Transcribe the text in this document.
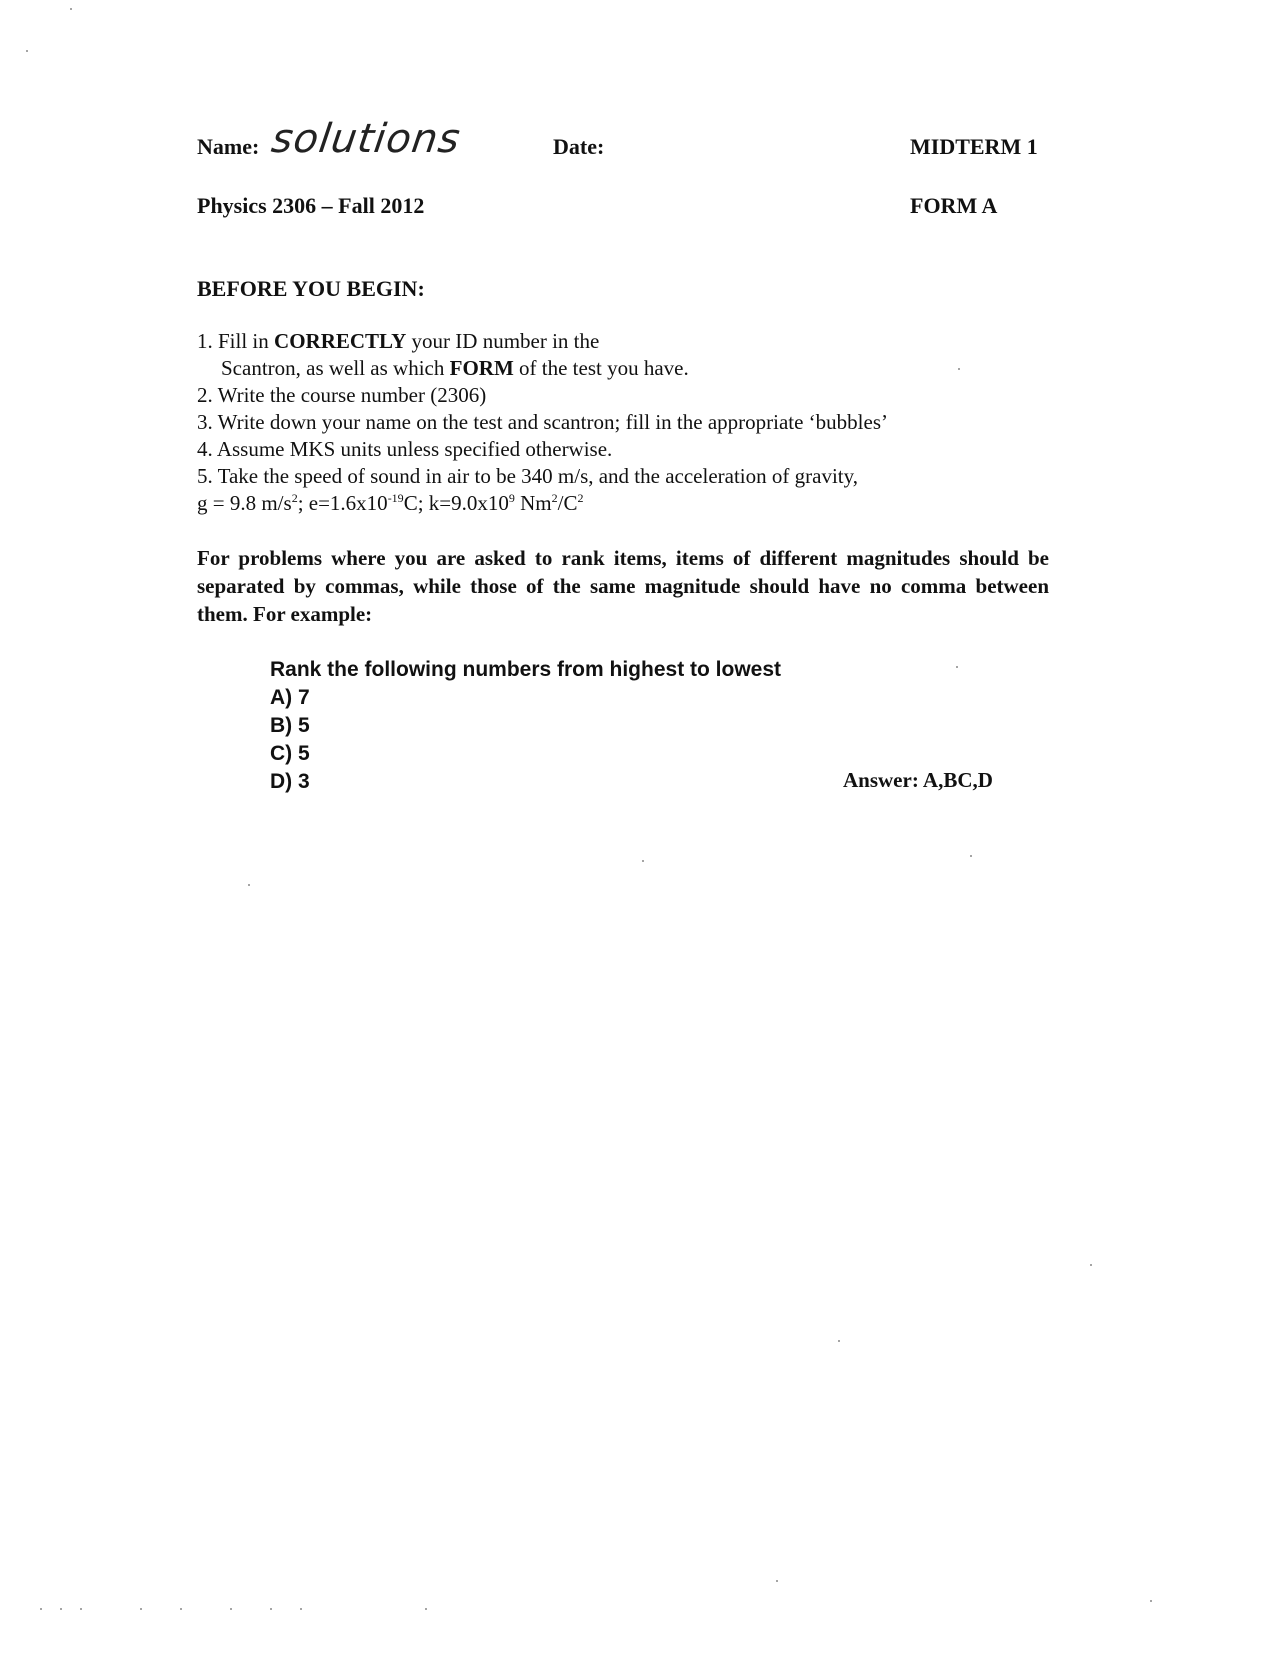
Name: solutions	Date:	MIDTERM 1
Physics 2306 – Fall 2012	FORM A
BEFORE YOU BEGIN:
1. Fill in CORRECTLY your ID number in the
Scantron, as well as which FORM of the test you have.
2. Write the course number (2306)
3. Write down your name on the test and scantron; fill in the appropriate ‘bubbles’
4. Assume MKS units unless specified otherwise.
5. Take the speed of sound in air to be 340 m/s, and the acceleration of gravity,
g = 9.8 $m/s^2$; $e=1.6x10^{-19}C$; $k=9.0x10^9$ $Nm^2/C^2$
For problems where you are asked to rank items, items of different magnitudes should be separated by commas, while those of the same magnitude should have no comma between them. For example:
Rank the following numbers from highest to lowest
A) 7
B) 5
C) 5
D) 3	Answer: A,BC,D
